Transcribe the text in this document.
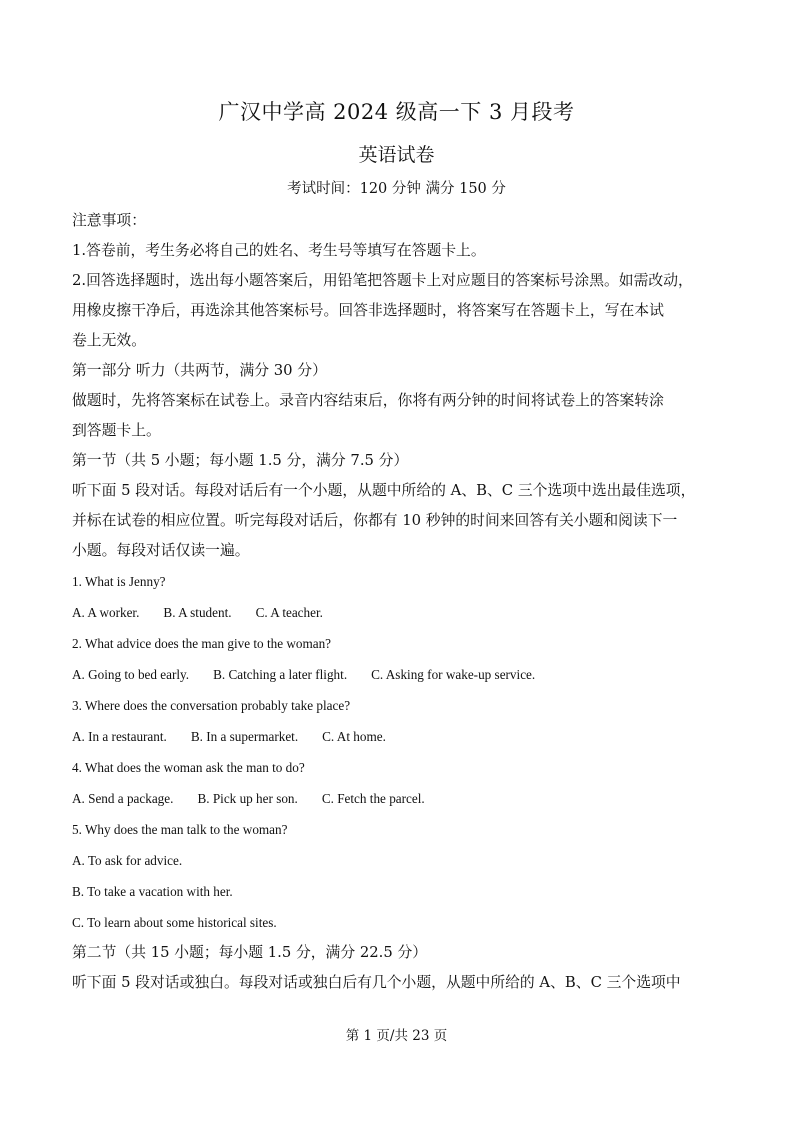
广汉中学高 2024 级高一下 3 月段考
英语试卷
考试时间：120 分钟 满分 150 分

注意事项：

1.答卷前，考生务必将自己的姓名、考生号等填写在答题卡上。

2.回答选择题时，选出每小题答案后，用铅笔把答题卡上对应题目的答案标号涂黑。如需改动，

用橡皮擦干净后，再选涂其他答案标号。回答非选择题时，将答案写在答题卡上，写在本试

卷上无效。

第一部分 听力（共两节，满分 30 分）

做题时，先将答案标在试卷上。录音内容结束后，你将有两分钟的时间将试卷上的答案转涂

到答题卡上。

第一节（共 5 小题；每小题 1.5 分，满分 7.5 分）

听下面 5 段对话。每段对话后有一个小题，从题中所给的 A、B、C 三个选项中选出最佳选项，

并标在试卷的相应位置。听完每段对话后，你都有 10 秒钟的时间来回答有关小题和阅读下一

小题。每段对话仅读一遍。

1. What is Jenny?

A. A worker. B. A student. C. A teacher.

2. What advice does the man give to the woman?

A. Going to bed early. B. Catching a later flight. C. Asking for wake-up service.

3. Where does the conversation probably take place?

A. In a restaurant. B. In a supermarket. C. At home.

4. What does the woman ask the man to do?

A. Send a package. B. Pick up her son. C. Fetch the parcel.

5. Why does the man talk to the woman?

A. To ask for advice.

B. To take a vacation with her.

C. To learn about some historical sites.

第二节（共 15 小题；每小题 1.5 分，满分 22.5 分）

听下面 5 段对话或独白。每段对话或独白后有几个小题，从题中所给的 A、B、C 三个选项中

第 1 页/共 23 页
